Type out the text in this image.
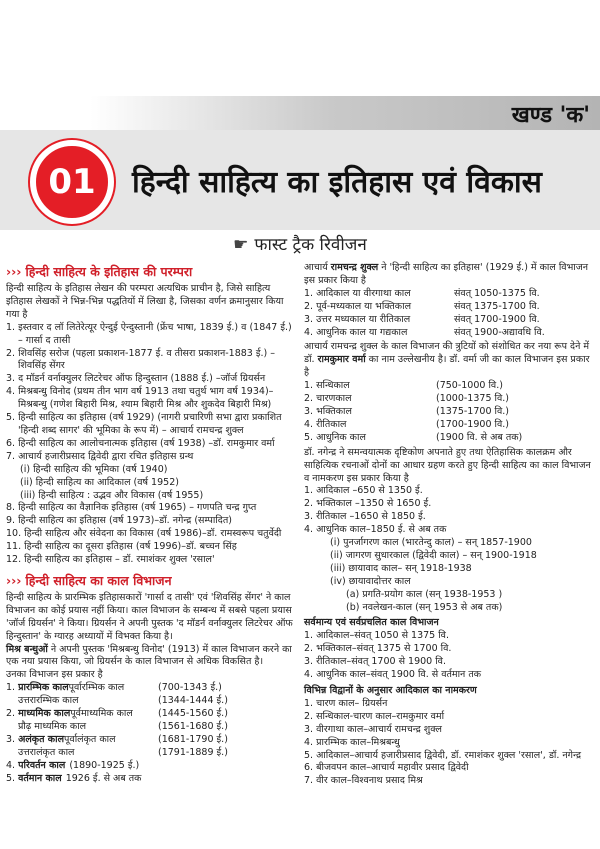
खण्ड 'क'
01	हिन्दी साहित्य का इतिहास एवं विकास
☛ फास्ट ट्रैक रिवीजन
››› हिन्दी साहित्य के इतिहास की परम्परा

हिन्दी साहित्य के इतिहास लेखन की परम्परा अत्यधिक प्राचीन है, जिसे साहित्य इतिहास लेखकों ने भिन्न-भिन्न पद्धतियों में लिखा है, जिसका वर्णन क्रमानुसार किया गया है

1. इस्तवार द लॉ लितेरेत्यूर ऐन्दुई ऐन्दुस्तानी (फ्रेंच भाषा, 1839 ई.) व (1847 ई.) – गार्सा द तासी

2. शिवसिंह सरोज (पहला प्रकाशन-1877 ई. व तीसरा प्रकाशन-1883 ई.) – शिवसिंह सेंगर

3. द मॉडर्न वर्नाक्युलर लिटरेचर ऑफ हिन्दुस्तान (1888 ई.) –जॉर्ज ग्रियर्सन

4. मिश्रबन्धु विनोद (प्रथम तीन भाग वर्ष 1913 तथा चतुर्थ भाग वर्ष 1934)–मिश्रबन्धु (गणेश बिहारी मिश्र, श्याम बिहारी मिश्र और शुकदेव बिहारी मिश्र)

5. हिन्दी साहित्य का इतिहास (वर्ष 1929) (नागरी प्रचारिणी सभा द्वारा प्रकाशित 'हिन्दी शब्द सागर' की भूमिका के रूप में) – आचार्य रामचन्द्र शुक्ल

6. हिन्दी साहित्य का आलोचनात्मक इतिहास (वर्ष 1938) –डॉ. रामकुमार वर्मा

7. आचार्य हजारीप्रसाद द्विवेदी द्वारा रचित इतिहास ग्रन्थ

(i) हिन्दी साहित्य की भूमिका (वर्ष 1940)

(ii) हिन्दी साहित्य का आदिकाल (वर्ष 1952)

(iii) हिन्दी साहित्य : उद्भव और विकास (वर्ष 1955)

8. हिन्दी साहित्य का वैज्ञानिक इतिहास (वर्ष 1965) – गणपति चन्द्र गुप्त

9. हिन्दी साहित्य का इतिहास (वर्ष 1973)–डॉ. नगेन्द्र (सम्पादित)

10. हिन्दी साहित्य और संवेदना का विकास (वर्ष 1986)–डॉ. रामस्वरूप चतुर्वेदी

11. हिन्दी साहित्य का दूसरा इतिहास (वर्ष 1996)–डॉ. बच्चन सिंह

12. हिन्दी साहित्य का इतिहास – डॉ. रमाशंकर शुक्ल 'रसाल'

››› हिन्दी साहित्य का काल विभाजन

हिन्दी साहित्य के प्रारम्भिक इतिहासकारों 'गार्सा द तासी' एवं 'शिवसिंह सेंगर' ने काल विभाजन का कोई प्रयास नहीं किया। काल विभाजन के सम्बन्ध में सबसे पहला प्रयास 'जॉर्ज ग्रियर्सन' ने किया। ग्रियर्सन ने अपनी पुस्तक 'द मॉडर्न वर्नाक्युलर लिटरेचर ऑफ हिन्दुस्तान' के ग्यारह अध्यायों में विभक्त किया है।

मिश्र बन्धुओं ने अपनी पुस्तक 'मिश्रबन्धु विनोद' (1913) में काल विभाजन करने का एक नया प्रयास किया, जो ग्रियर्सन के काल विभाजन से अधिक विकसित है।

उनका विभाजन इस प्रकार है

1. प्रारम्भिक कालपूर्वारम्भिक काल	(700-1343 ई.)
उत्तरारम्भिक काल	(1344-1444 ई.)
2. माध्यमिक कालपूर्वमाध्यमिक काल	(1445-1560 ई.)
प्रौढ़ माध्यमिक काल	(1561-1680 ई.)
3. अलंकृत कालपूर्वालंकृत काल	(1681-1790 ई.)
उत्तरालंकृत काल	(1791-1889 ई.)
4. परिवर्तन काल (1890-1925 ई.)
5. वर्तमान काल 1926 ई. से अब तक

आचार्य रामचन्द्र शुक्ल ने 'हिन्दी साहित्य का इतिहास' (1929 ई.) में काल विभाजन इस प्रकार किया है

1. आदिकाल या वीरगाथा काल	संवत् 1050-1375 वि.
2. पूर्व-मध्यकाल या भक्तिकाल	संवत् 1375-1700 वि.
3. उत्तर मध्यकाल या रीतिकाल	संवत् 1700-1900 वि.
4. आधुनिक काल या गद्यकाल	संवत् 1900-अद्यावधि वि.

आचार्य रामचन्द्र शुक्ल के काल विभाजन की त्रुटियों को संशोधित कर नया रूप देने में डॉ. रामकुमार वर्मा का नाम उल्लेखनीय है। डॉ. वर्मा जी का काल विभाजन इस प्रकार है

1. सन्धिकाल	(750-1000 वि.)
2. चारणकाल	(1000-1375 वि.)
3. भक्तिकाल	(1375-1700 वि.)
4. रीतिकाल	(1700-1900 वि.)
5. आधुनिक काल	(1900 वि. से अब तक)

डॉ. नगेन्द्र ने समन्वयात्मक दृष्टिकोण अपनाते हुए तथा ऐतिहासिक कालक्रम और साहित्यिक रचनाओं दोनों का आधार ग्रहण करते हुए हिन्दी साहित्य का काल विभाजन व नामकरण इस प्रकार किया है

1. आदिकाल –650 से 1350 ई.

2. भक्तिकाल –1350 से 1650 ई.

3. रीतिकाल –1650 से 1850 ई.

4. आधुनिक काल–1850 ई. से अब तक

(i) पुनर्जागरण काल (भारतेन्दु काल) – सन् 1857-1900

(ii) जागरण सुधारकाल (द्विवेदी काल) – सन् 1900-1918

(iii) छायावाद काल– सन् 1918-1938

(iv) छायावादोत्तर काल

(a) प्रगति-प्रयोग काल (सन् 1938-1953 )

(b) नवलेखन-काल (सन् 1953 से अब तक)

सर्वमान्य एवं सर्वप्रचलित काल विभाजन

1. आदिकाल–संवत् 1050 से 1375 वि.

2. भक्तिकाल–संवत् 1375 से 1700 वि.

3. रीतिकाल–संवत् 1700 से 1900 वि.

4. आधुनिक काल–संवत् 1900 वि. से वर्तमान तक

विभिन्न विद्वानों के अनुसार आदिकाल का नामकरण

1. चारण काल– ग्रियर्सन

2. सन्धिकाल-चारण काल–रामकुमार वर्मा

3. वीरगाथा काल–आचार्य रामचन्द्र शुक्ल

4. प्रारम्भिक काल–मिश्रबन्धु

5. आदिकाल–आचार्य हजारीप्रसाद द्विवेदी, डॉ. रमाशंकर शुक्ल 'रसाल', डॉ. नगेन्द्र

6. बीजवपन काल–आचार्य महावीर प्रसाद द्विवेदी

7. वीर काल–विश्वनाथ प्रसाद मिश्र
